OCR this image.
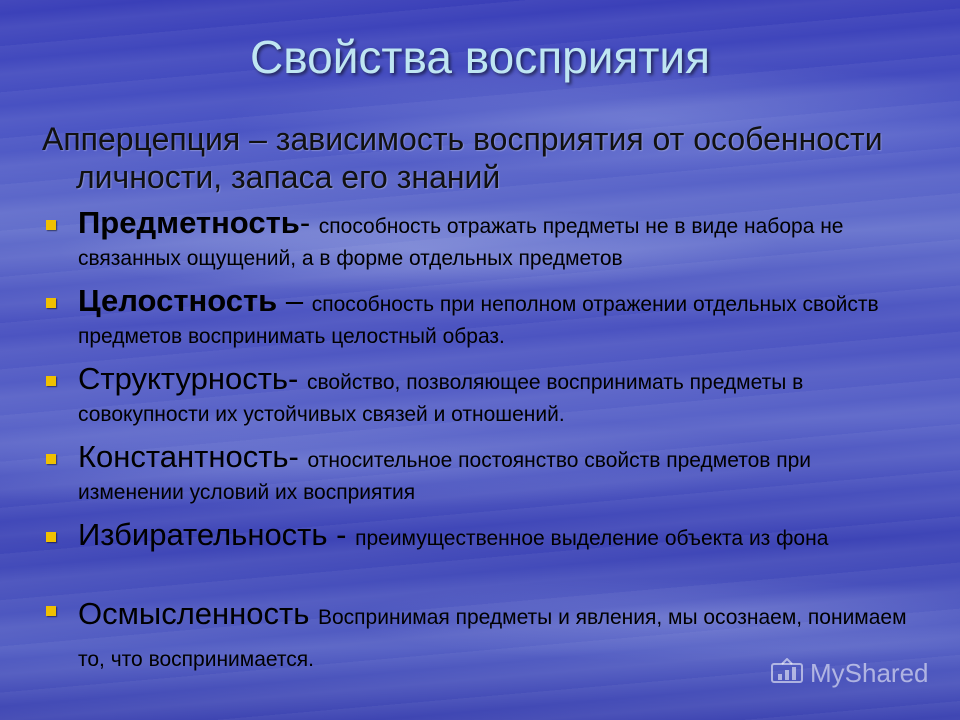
Свойства восприятия
Апперцепция – зависимость восприятия от особенности личности, запаса его знаний
Предметность- способность отражать предметы не в виде набора не связанных ощущений, а в форме отдельных предметов
Целостность – способность при неполном отражении отдельных свойств предметов воспринимать целостный образ.
Структурность- свойство, позволяющее воспринимать предметы в совокупности их устойчивых связей и отношений.
Константность- относительное постоянство свойств предметов при изменении условий их восприятия
Избирательность - преимущественное выделение объекта из фона
Осмысленность Воспринимая предметы и явления, мы осознаем, понимаем то, что воспринимается.	MyShared
